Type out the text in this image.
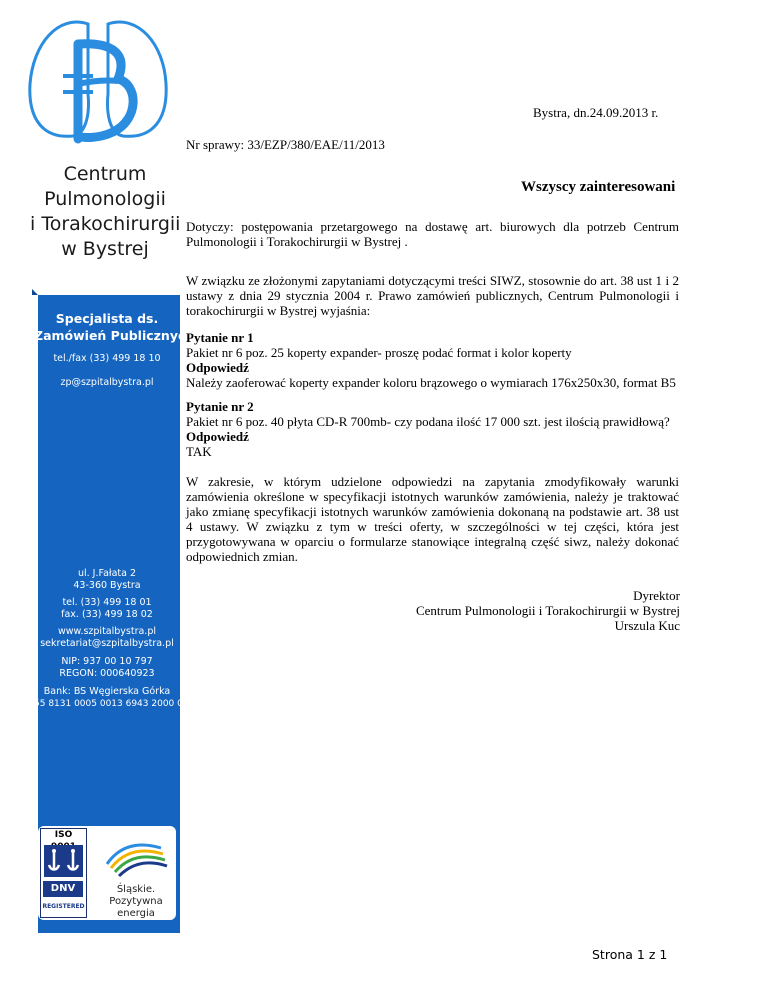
Centrum
Pulmonologii
i Torakochirurgii
w Bystrej
Specjalista ds.
Zamówień Publicznych
tel./fax (33) 499 18 10
zp@szpitalbystra.pl
ul. J.Fałata 2
43-360 Bystra
tel. (33) 499 18 01
fax. (33) 499 18 02
www.szpitalbystra.pl
sekretariat@szpitalbystra.pl
NIP: 937 00 10 797
REGON: 000640923
Bank: BS Węgierska Górka
55 8131 0005 0013 6943 2000 0010
ISO
DNV
REGISTERED
Śląskie.
Pozytywna energia
Bystra, dn.24.09.2013 r.
Nr sprawy: 33/EZP/380/EAE/11/2013
Wszyscy zainteresowani
Dotyczy: postępowania przetargowego na dostawę art. biurowych dla potrzeb Centrum Pulmonologii i Torakochirurgii w Bystrej .
W związku ze złożonymi zapytaniami dotyczącymi treści SIWZ, stosownie do art. 38 ust 1 i 2 ustawy z dnia 29 stycznia 2004 r. Prawo zamówień publicznych, Centrum Pulmonologii i torakochirurgii w Bystrej wyjaśnia:
Pytanie nr 1
Pakiet nr 6 poz. 25 koperty expander- proszę podać format i kolor koperty
Odpowiedź
Należy zaoferować koperty expander koloru brązowego o wymiarach 176x250x30, format B5
Pytanie nr 2
Pakiet nr 6 poz. 40 płyta CD-R 700mb- czy podana ilość 17 000 szt. jest ilością prawidłową?
Odpowiedź
TAK
W zakresie, w którym udzielone odpowiedzi na zapytania zmodyfikowały warunki zamówienia określone w specyfikacji istotnych warunków zamówienia, należy je traktować jako zmianę specyfikacji istotnych warunków zamówienia dokonaną na podstawie art. 38 ust 4 ustawy. W związku z tym w treści oferty, w szczególności w tej części, która jest przygotowywana w oparciu o formularze stanowiące integralną część siwz, należy dokonać odpowiednich zmian.
Dyrektor
Centrum Pulmonologii i Torakochirurgii w Bystrej
Urszula Kuc
Strona 1 z 1
